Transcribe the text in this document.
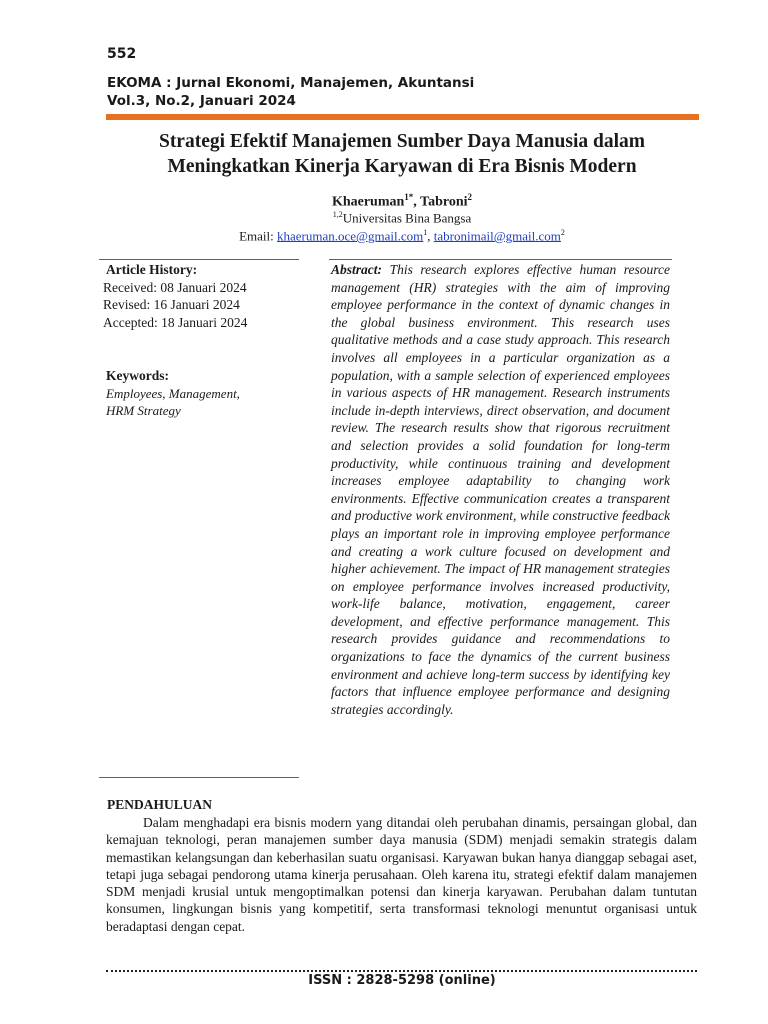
552
EKOMA : Jurnal Ekonomi, Manajemen, Akuntansi
Vol.3, No.2, Januari 2024
Strategi Efektif Manajemen Sumber Daya Manusia dalam
Meningkatkan Kinerja Karyawan di Era Bisnis Modern
Khaeruman$^{1*}$, Tabroni$^2$
$^{1,2}$Universitas Bina Bangsa
Email: khaeruman.oce@gmail.com$^1$, tabronimail@gmail.com$^2$
Article History:
Received: 08 Januari 2024
Revised: 16 Januari 2024
Accepted: 18 Januari 2024
Keywords:
Employees, Management,
HRM Strategy
Abstract: This research explores effective human resource management (HR) strategies with the aim of improving employee performance in the context of dynamic changes in the global business environment. This research uses qualitative methods and a case study approach. This research involves all employees in a particular organization as a population, with a sample selection of experienced employees in various aspects of HR management. Research instruments include in-depth interviews, direct observation, and document review. The research results show that rigorous recruitment and selection provides a solid foundation for long-term productivity, while continuous training and development increases employee adaptability to changing work environments. Effective communication creates a transparent and productive work environment, while constructive feedback plays an important role in improving employee performance and creating a work culture focused on development and higher achievement. The impact of HR management strategies on employee performance involves increased productivity, work-life balance, motivation, engagement, career development, and effective performance management. This research provides guidance and recommendations to organizations to face the dynamics of the current business environment and achieve long-term success by identifying key factors that influence employee performance and designing strategies accordingly.
PENDAHULUAN
Dalam menghadapi era bisnis modern yang ditandai oleh perubahan dinamis, persaingan global, dan kemajuan teknologi, peran manajemen sumber daya manusia (SDM) menjadi semakin strategis dalam memastikan kelangsungan dan keberhasilan suatu organisasi. Karyawan bukan hanya dianggap sebagai aset, tetapi juga sebagai pendorong utama kinerja perusahaan. Oleh karena itu, strategi efektif dalam manajemen SDM menjadi krusial untuk mengoptimalkan potensi dan kinerja karyawan. Perubahan dalam tuntutan konsumen, lingkungan bisnis yang kompetitif, serta transformasi teknologi menuntut organisasi untuk beradaptasi dengan cepat.
ISSN : 2828-5298 (online)
